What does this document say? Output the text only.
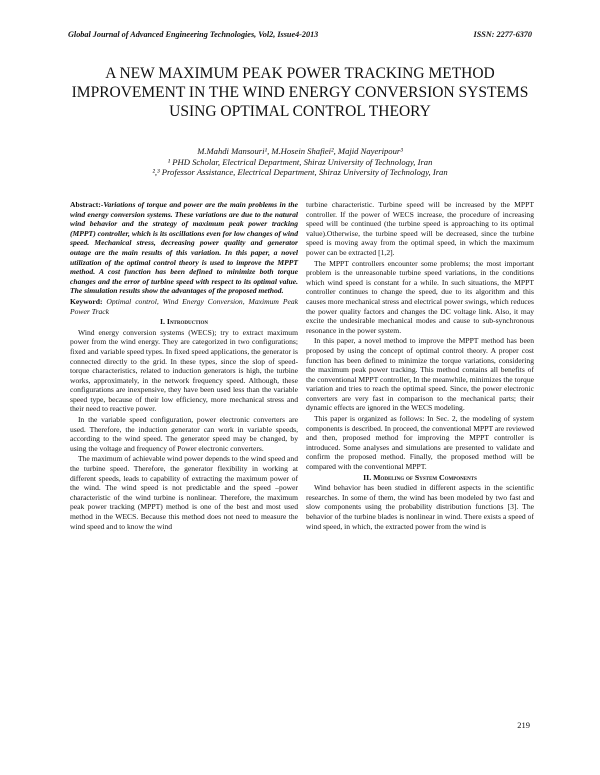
Global Journal of Advanced Engineering Technologies, Vol2, Issue4-2013	ISSN: 2277-6370
A NEW MAXIMUM PEAK POWER TRACKING METHOD IMPROVEMENT IN THE WIND ENERGY CONVERSION SYSTEMS USING OPTIMAL CONTROL THEORY
M.Mahdi Mansouri¹, M.Hosein Shafiei², Majid Nayeripour³
¹ PHD Scholar, Electrical Department, Shiraz University of Technology, Iran
²,³ Professor Assistance, Electrical Department, Shiraz University of Technology, Iran

Abstract:-Variations of torque and power are the main problems in the wind energy conversion systems. These variations are due to the natural wind behavior and the strategy of maximum peak power tracking (MPPT) controller, which is its oscillations even for low changes of wind speed. Mechanical stress, decreasing power quality and generator outage are the main results of this variation. In this paper, a novel utilization of the optimal control theory is used to improve the MPPT method. A cost function has been defined to minimize both torque changes and the error of turbine speed with respect to its optimal value. The simulation results show the advantages of the proposed method.

Keyword: Optimal control, Wind Energy Conversion, Maximum Peak Power Track

I. Introduction

Wind energy conversion systems (WECS); try to extract maximum power from the wind energy. They are categorized in two configurations; fixed and variable speed types. In fixed speed applications, the generator is connected directly to the grid. In these types, since the slop of speed-torque characteristics, related to induction generators is high, the turbine works, approximately, in the network frequency speed. Although, these configurations are inexpensive, they have been used less than the variable speed type, because of their low efficiency, more mechanical stress and their need to reactive power.

In the variable speed configuration, power electronic converters are used. Therefore, the induction generator can work in variable speeds, according to the wind speed. The generator speed may be changed, by using the voltage and frequency of Power electronic converters.

The maximum of achievable wind power depends to the wind speed and the turbine speed. Therefore, the generator flexibility in working at different speeds, leads to capability of extracting the maximum power of the wind. The wind speed is not predictable and the speed –power characteristic of the wind turbine is nonlinear. Therefore, the maximum peak power tracking (MPPT) method is one of the best and most used method in the WECS. Because this method does not need to measure the wind speed and to know the wind

turbine characteristic. Turbine speed will be increased by the MPPT controller. If the power of WECS increase, the procedure of increasing speed will be continued (the turbine speed is approaching to its optimal value).Otherwise, the turbine speed will be decreased, since the turbine speed is moving away from the optimal speed, in which the maximum power can be extracted [1,2].

The MPPT controllers encounter some problems; the most important problem is the unreasonable turbine speed variations, in the conditions which wind speed is constant for a while. In such situations, the MPPT controller continues to change the speed, due to its algorithm and this causes more mechanical stress and electrical power swings, which reduces the power quality factors and changes the DC voltage link. Also, it may excite the undesirable mechanical modes and cause to sub-synchronous resonance in the power system.

In this paper, a novel method to improve the MPPT method has been proposed by using the concept of optimal control theory. A proper cost function has been defined to minimize the torque variations, considering the maximum peak power tracking. This method contains all benefits of the conventional MPPT controller, In the meanwhile, minimizes the torque variation and tries to reach the optimal speed. Since, the power electronic converters are very fast in comparison to the mechanical parts; their dynamic effects are ignored in the WECS modeling.

This paper is organized as follows: In Sec. 2, the modeling of system components is described. In proceed, the conventional MPPT are reviewed and then, proposed method for improving the MPPT controller is introduced. Some analyses and simulations are presented to validate and confirm the proposed method. Finally, the proposed method will be compared with the conventional MPPT.

II. Modeling of System Components

Wind behavior has been studied in different aspects in the scientific researches. In some of them, the wind has been modeled by two fast and slow components using the probability distribution functions [3]. The behavior of the turbine blades is nonlinear in wind. There exists a speed of wind speed, in which, the extracted power from the wind is

219
